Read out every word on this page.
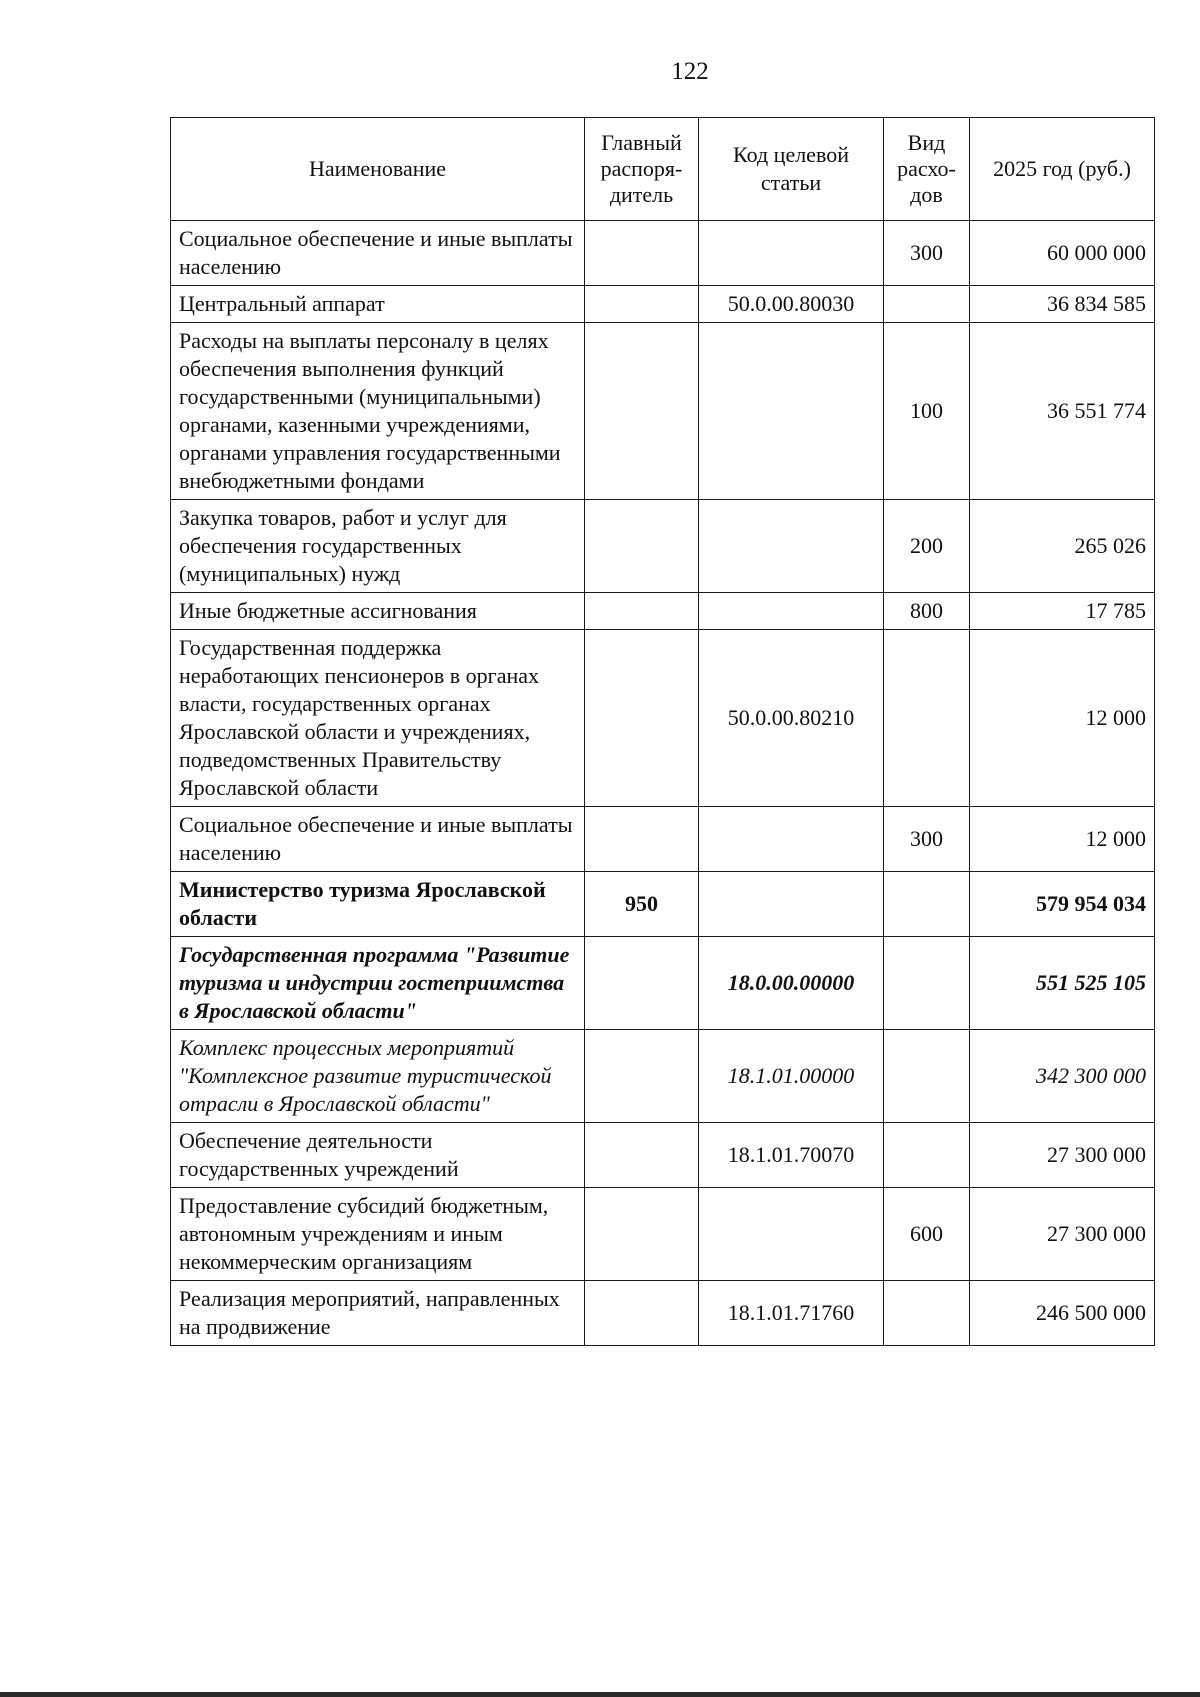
122
Наименование	Главный распоря-дитель	Код целевой статьи	Вид расхо-дов	2025 год (руб.)
Социальное обеспечение и иные выплаты населению			300	60 000 000
Центральный аппарат		50.0.00.80030		36 834 585
Расходы на выплаты персоналу в целях обеспечения выполнения функций государственными (муниципальными) органами, казенными учреждениями, органами управления государственными внебюджетными фондами			100	36 551 774
Закупка товаров, работ и услуг для обеспечения государственных (муниципальных) нужд			200	265 026
Иные бюджетные ассигнования			800	17 785
Государственная поддержка неработающих пенсионеров в органах власти, государственных органах Ярославской области и учреждениях, подведомственных Правительству Ярославской области		50.0.00.80210		12 000
Социальное обеспечение и иные выплаты населению			300	12 000
Министерство туризма Ярославской области	950			579 954 034
Государственная программа "Развитие туризма и индустрии гостеприимства в Ярославской области"		18.0.00.00000		551 525 105
Комплекс процессных мероприятий "Комплексное развитие туристической отрасли в Ярославской области"		18.1.01.00000		342 300 000
Обеспечение деятельности государственных учреждений		18.1.01.70070		27 300 000
Предоставление субсидий бюджетным, автономным учреждениям и иным некоммерческим организациям			600	27 300 000
Реализация мероприятий, направленных на продвижение		18.1.01.71760		246 500 000
